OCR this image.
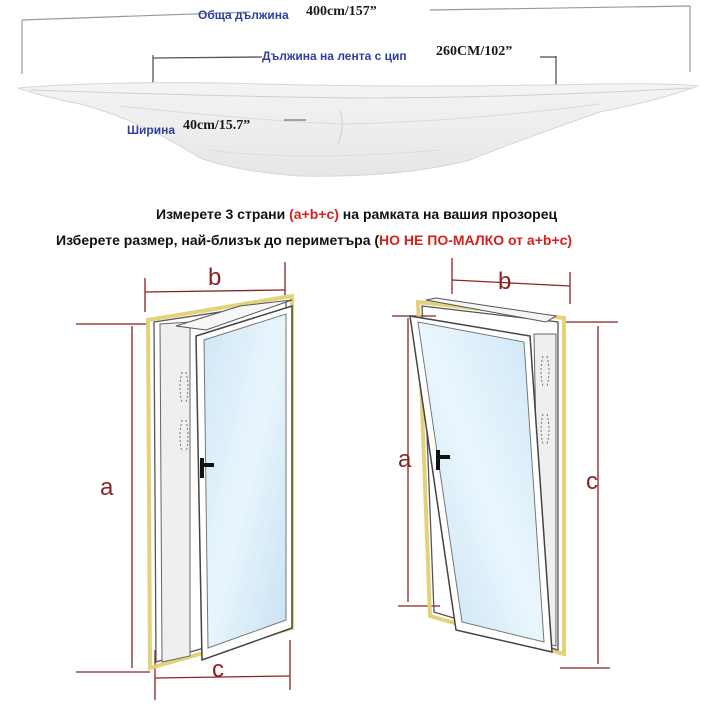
Обща дължина 400cm/157”
Дължина на лента с цип 260CM/102”
Ширина 40cm/15.7”
Измерете 3 страни (a+b+c) на рамката на вашия прозорец
Изберете размер, най-близък до периметъра (НО НЕ ПО-МАЛКО от a+b+c)
b
a
c
b
a
c
